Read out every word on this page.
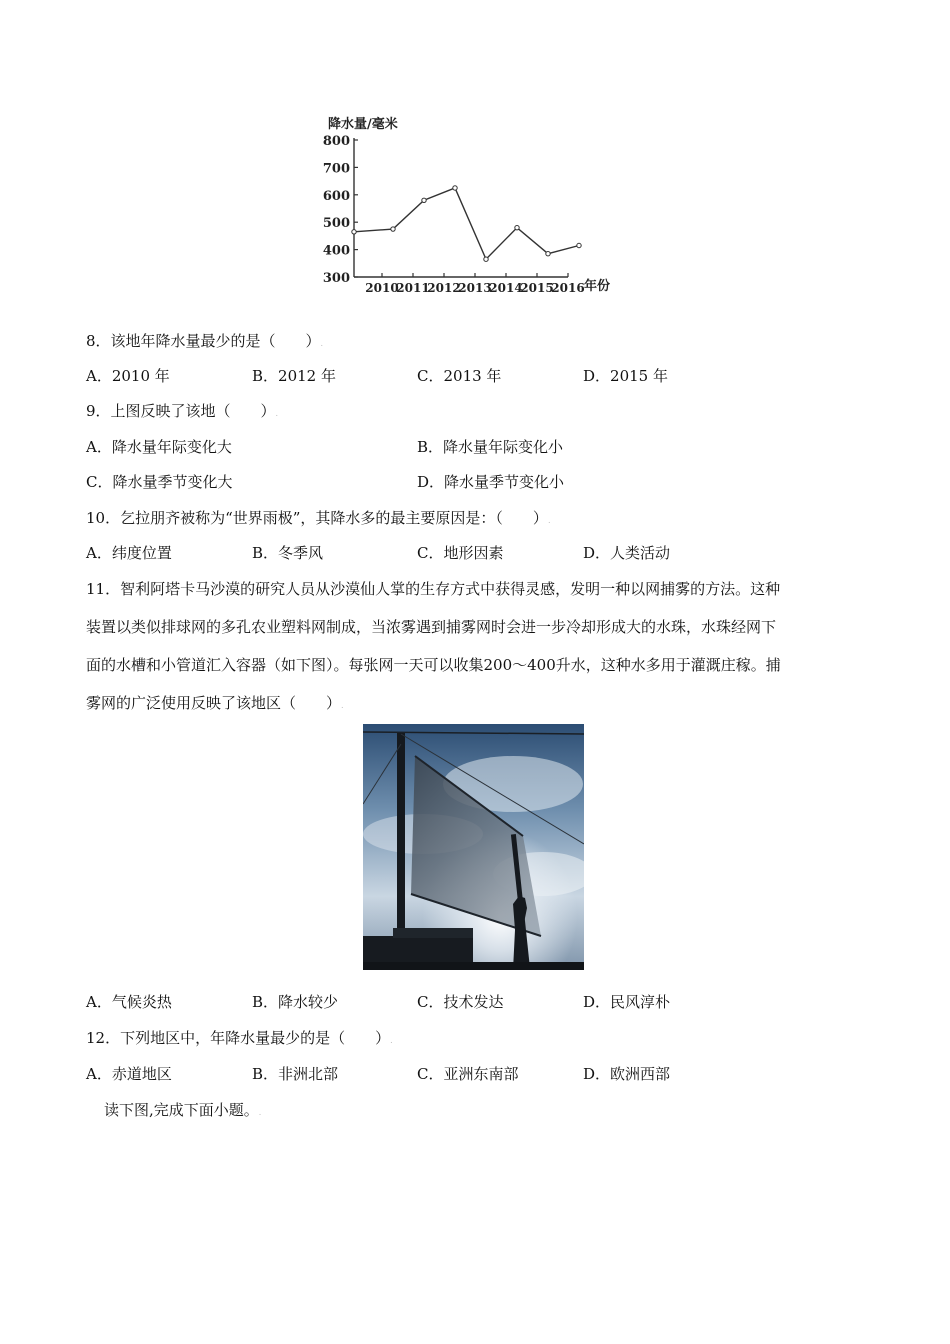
降水量/毫米
年份
800
700
600
500
400
300
2010
2011
2012
2013
2014
2015
2016
8．该地年降水量最少的是（　　）.
A．2010 年	B．2012 年	C．2013 年	D．2015 年
9．上图反映了该地（　　）.
A．降水量年际变化大	B．降水量年际变化小
C．降水量季节变化大	D．降水量季节变化小
10．乞拉朋齐被称为“世界雨极”，其降水多的最主要原因是：（　　）.
A．纬度位置	B．冬季风	C．地形因素	D．人类活动
11．智利阿塔卡马沙漠的研究人员从沙漠仙人掌的生存方式中获得灵感，发明一种以网捕雾的方法。这种
装置以类似排球网的多孔农业塑料网制成，当浓雾遇到捕雾网时会进一步冷却形成大的水珠，水珠经网下
面的水槽和小管道汇入容器（如下图）。每张网一天可以收集200～400升水，这种水多用于灌溉庄稼。捕
雾网的广泛使用反映了该地区（　　）.
A．气候炎热	B．降水较少	C．技术发达	D．民风淳朴
12．下列地区中，年降水量最少的是（　　）.
A．赤道地区	B．非洲北部	C．亚洲东南部	D．欧洲西部
读下图,完成下面小题。.
